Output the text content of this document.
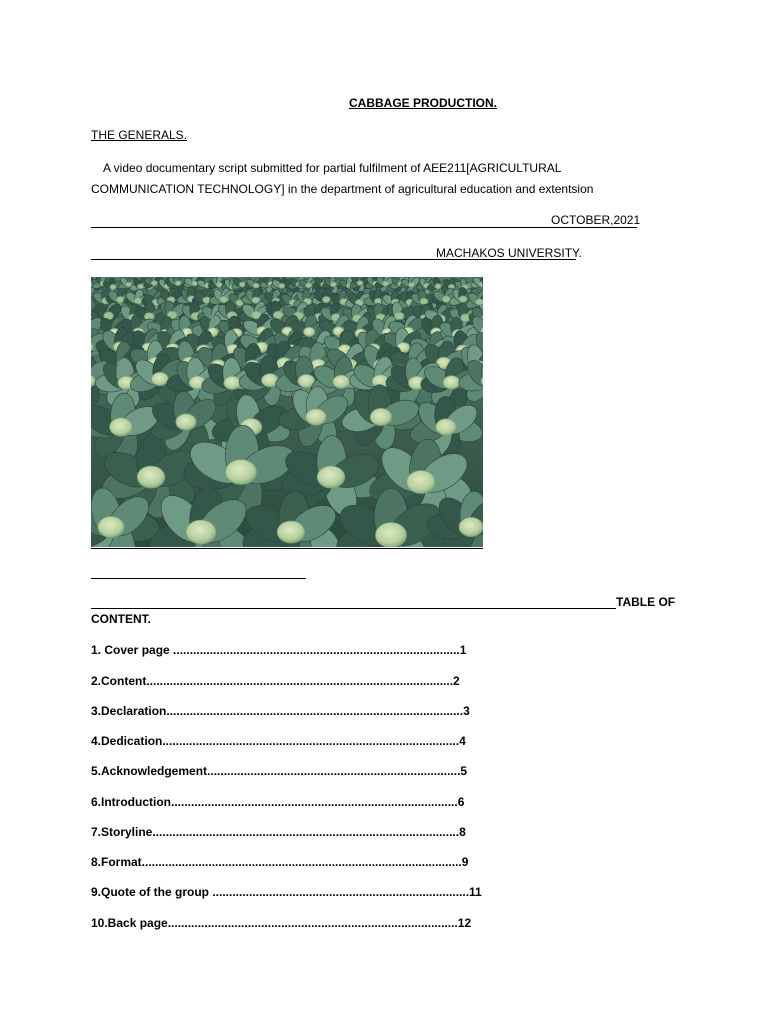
CABBAGE PRODUCTION.
THE GENERALS.
A video documentary script submitted for partial fulfilment of AEE211[AGRICULTURAL
COMMUNICATION TECHNOLOGY] in the department of agricultural education and extentsion
OCTOBER,2021
MACHAKOS UNIVERSITY.
TABLE OF
CONTENT.
1. Cover page ......................................................................................1
2.Content............................................................................................2
3.Declaration.........................................................................................3
4.Dedication.........................................................................................4
5.Acknowledgement............................................................................5
6.Introduction......................................................................................6
7.Storyline............................................................................................8
8.Format................................................................................................9
9.Quote of the group .............................................................................11
10.Back page.......................................................................................12
